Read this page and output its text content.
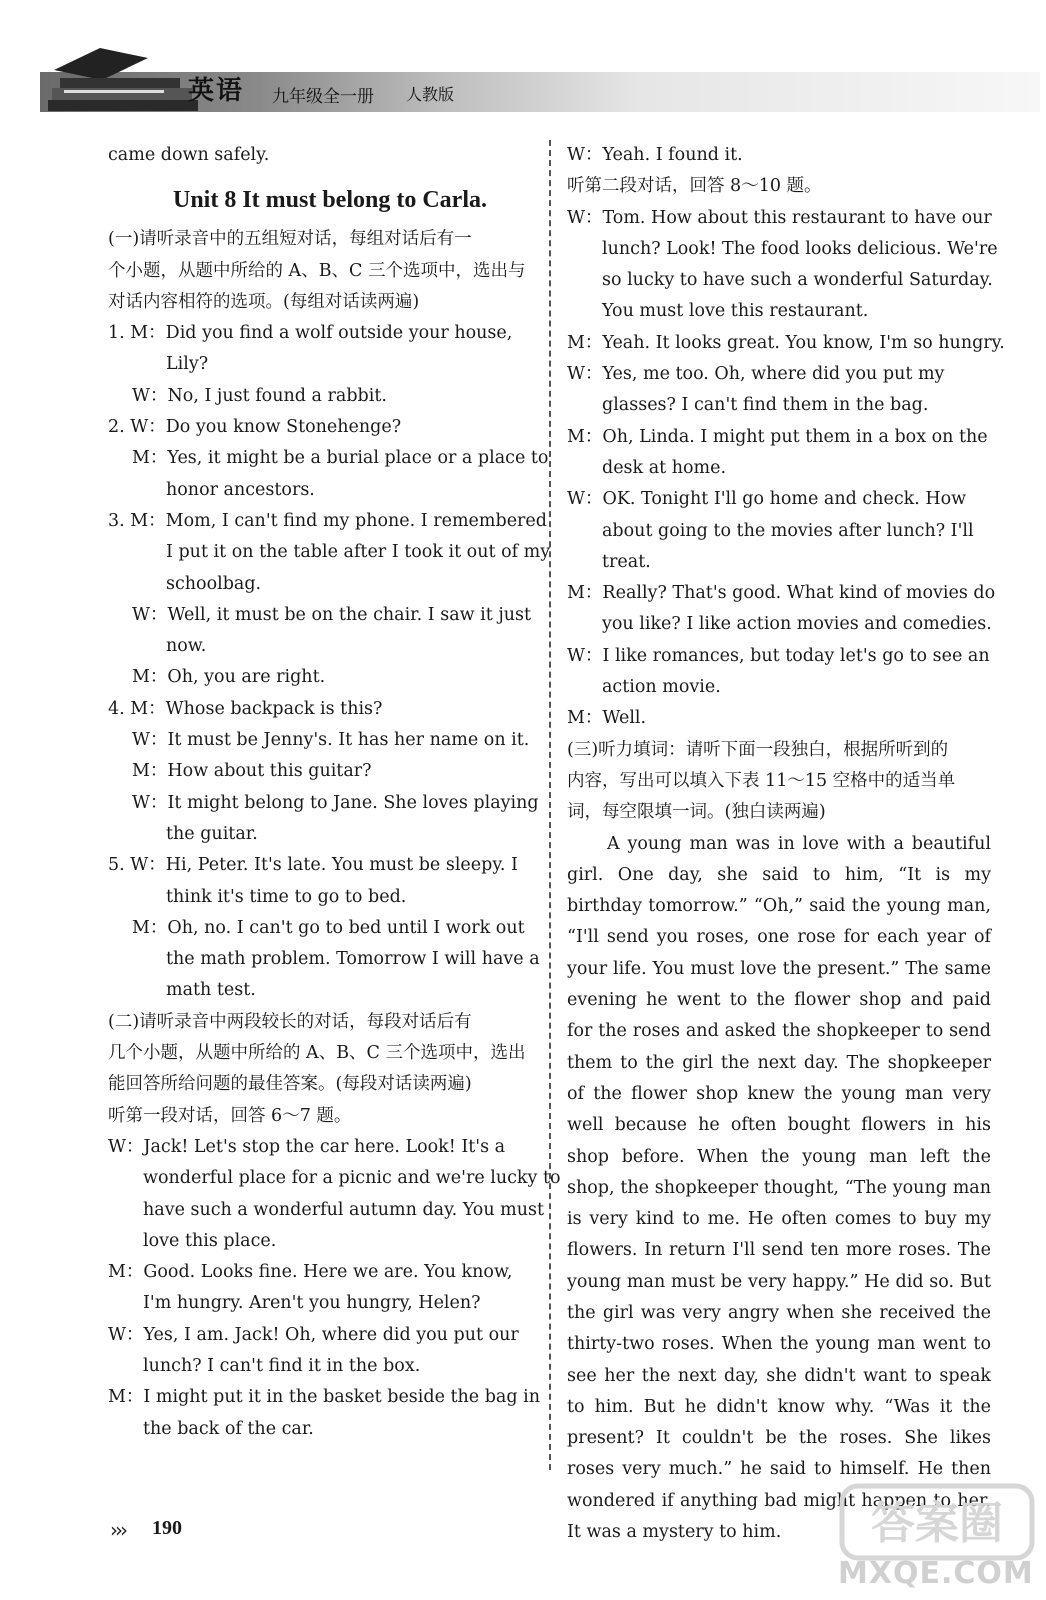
英语 九年级全一册 人教版
came down safely.
Unit 8 It must belong to Carla.
(一)请听录音中的五组短对话，每组对话后有一
个小题，从题中所给的 A、B、C 三个选项中，选出与
对话内容相符的选项。(每组对话读两遍)
1. M：Did you find a wolf outside your house,
Lily?
W：No, I just found a rabbit.
2. W：Do you know Stonehenge?
M：Yes, it might be a burial place or a place to
honor ancestors.
3. M：Mom, I can't find my phone. I remembered
I put it on the table after I took it out of my
schoolbag.
W：Well, it must be on the chair. I saw it just
now.
M：Oh, you are right.
4. M：Whose backpack is this?
W：It must be Jenny's. It has her name on it.
M：How about this guitar?
W：It might belong to Jane. She loves playing
the guitar.
5. W：Hi, Peter. It's late. You must be sleepy. I
think it's time to go to bed.
M：Oh, no. I can't go to bed until I work out
the math problem. Tomorrow I will have a
math test.
(二)请听录音中两段较长的对话，每段对话后有
几个小题，从题中所给的 A、B、C 三个选项中，选出
能回答所给问题的最佳答案。(每段对话读两遍)
听第一段对话，回答 6～7 题。
W：Jack! Let's stop the car here. Look! It's a
wonderful place for a picnic and we're lucky to
have such a wonderful autumn day. You must
love this place.
M：Good. Looks fine. Here we are. You know,
I'm hungry. Aren't you hungry, Helen?
W：Yes, I am. Jack! Oh, where did you put our
lunch? I can't find it in the box.
M：I might put it in the basket beside the bag in
the back of the car.
W：Yeah. I found it.
听第二段对话，回答 8～10 题。
W：Tom. How about this restaurant to have our
lunch? Look! The food looks delicious. We're
so lucky to have such a wonderful Saturday.
You must love this restaurant.
M：Yeah. It looks great. You know, I'm so hungry.
W：Yes, me too. Oh, where did you put my
glasses? I can't find them in the bag.
M：Oh, Linda. I might put them in a box on the
desk at home.
W：OK. Tonight I'll go home and check. How
about going to the movies after lunch? I'll
treat.
M：Really? That's good. What kind of movies do
you like? I like action movies and comedies.
W：I like romances, but today let's go to see an
action movie.
M：Well.
(三)听力填词：请听下面一段独白，根据所听到的
内容，写出可以填入下表 11～15 空格中的适当单
词，每空限填一词。(独白读两遍)
A young man was in love with a beautiful girl. One day, she said to him, “It is my birthday tomorrow.” “Oh,” said the young man, “I'll send you roses, one rose for each year of your life. You must love the present.” The same evening he went to the flower shop and paid for the roses and asked the shopkeeper to send them to the girl the next day. The shopkeeper of the flower shop knew the young man very well because he often bought flowers in his shop before. When the young man left the shop, the shopkeeper thought, “The young man is very kind to me. He often comes to buy my flowers. In return I'll send ten more roses. The young man must be very happy.” He did so. But the girl was very angry when she received the thirty-two roses. When the young man went to see her the next day, she didn't want to speak to him. But he didn't know why. “Was it the present? It couldn't be the roses. She likes roses very much.” he said to himself. He then wondered if anything bad might happen to her. It was a mystery to him.
››› 190	答案圈
MXQE.COM
